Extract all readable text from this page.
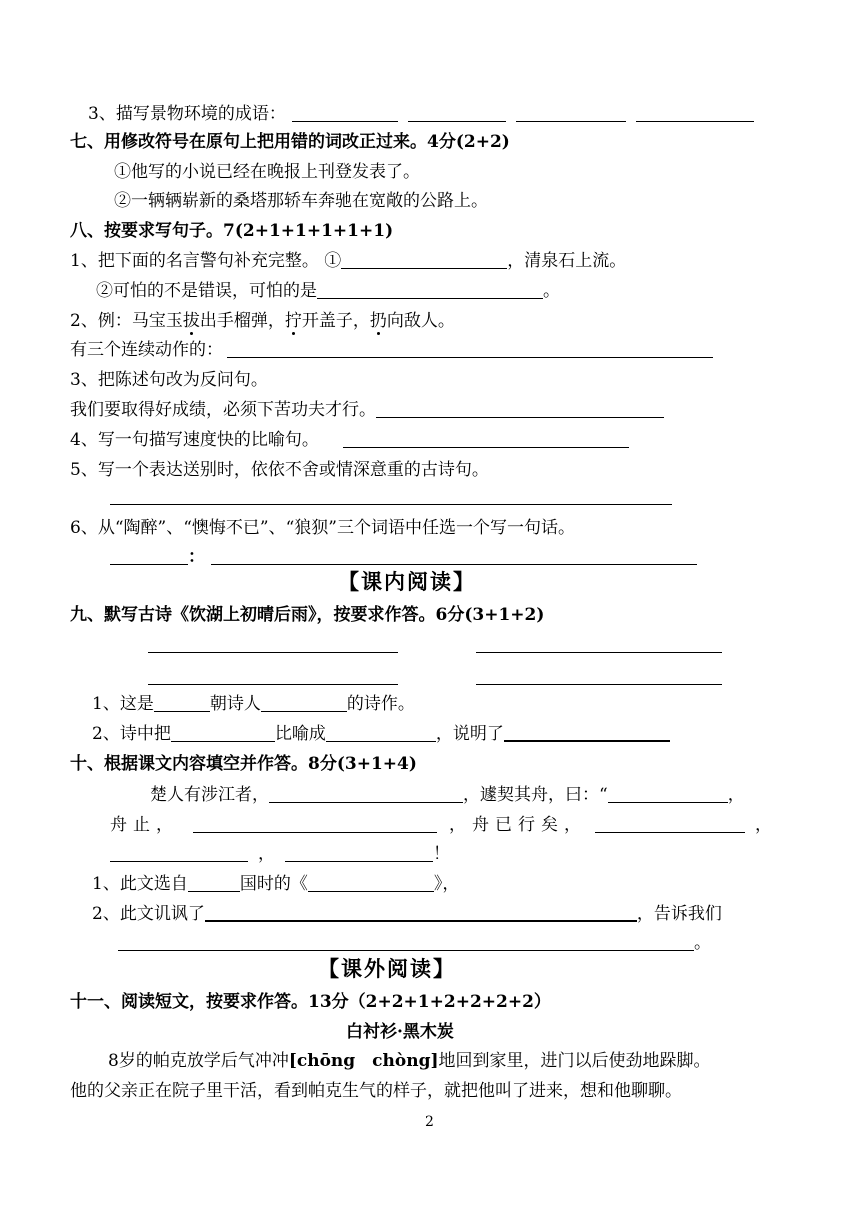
3、描写景物环境的成语：
七、用修改符号在原句上把用错的词改正过来。4分(2+2)
①他写的小说已经在晚报上刊登发表了。
②一辆辆崭新的桑塔那轿车奔驰在宽敞的公路上。
八、按要求写句子。7(2+1+1+1+1+1)
1、把下面的名言警句补充完整。 ①	，清泉石上流。
②可怕的不是错误，可怕的是	。
2、例：马宝玉拔出手榴弹，拧开盖子，扔向敌人。
有三个连续动作的：
3、把陈述句改为反问句。
我们要取得好成绩，必须下苦功夫才行。
4、写一句描写速度快的比喻句。
5、写一个表达送别时，依依不舍或情深意重的古诗句。
6、从“陶醉”、“懊悔不已”、“狼狈”三个词语中任选一个写一句话。
：
【课内阅读】
九、默写古诗《饮湖上初晴后雨》，按要求作答。6分(3+1+2)
1、这是	朝诗人	的诗作。
2、诗中把	比喻成	，说明了
十、根据课文内容填空并作答。8分(3+1+4)
楚人有涉江者，	，遽契其舟，曰：“	，
舟止，	，舟已行矣，	，
，	！
1、此文选自	国时的《	》，
2、此文讥讽了	，告诉我们
。
【课外阅读】
十一、阅读短文，按要求作答。13分（2+2+1+2+2+2+2）
白衬衫·黑木炭
8岁的帕克放学后气冲冲[chōng　chòng]地回到家里，进门以后使劲地跺脚。
他的父亲正在院子里干活，看到帕克生气的样子，就把他叫了进来，想和他聊聊。
2
